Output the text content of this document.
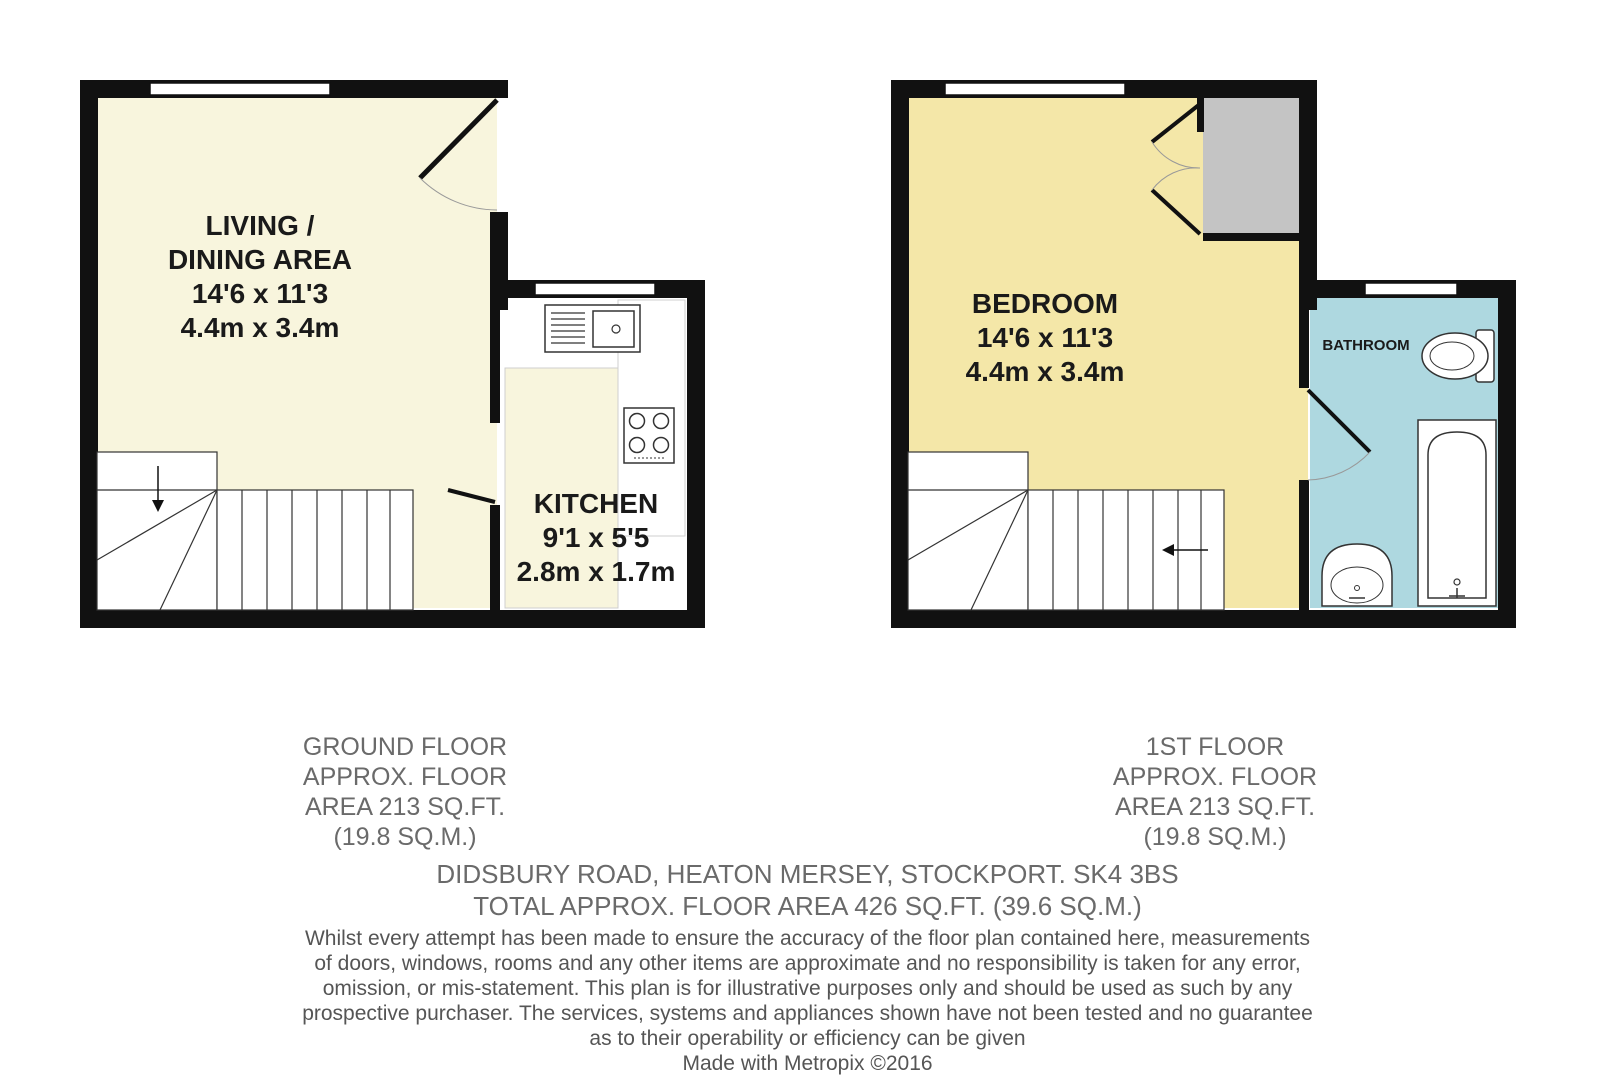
LIVING /
DINING AREA
14'6 x 11'3
4.4m x 3.4m
KITCHEN
9'1 x 5'5
2.8m x 1.7m
BEDROOM
14'6 x 11'3
4.4m x 3.4m
BATHROOM
GROUND FLOOR
APPROX. FLOOR
AREA 213 SQ.FT.
(19.8 SQ.M.)
1ST FLOOR
APPROX. FLOOR
AREA 213 SQ.FT.
(19.8 SQ.M.)
DIDSBURY ROAD, HEATON MERSEY, STOCKPORT. SK4 3BS
TOTAL APPROX. FLOOR AREA 426 SQ.FT. (39.6 SQ.M.)
Whilst every attempt has been made to ensure the accuracy of the floor plan contained here, measurements
of doors, windows, rooms and any other items are approximate and no responsibility is taken for any error,
omission, or mis-statement. This plan is for illustrative purposes only and should be used as such by any
prospective purchaser. The services, systems and appliances shown have not been tested and no guarantee
as to their operability or efficiency can be given
Made with Metropix ©2016
